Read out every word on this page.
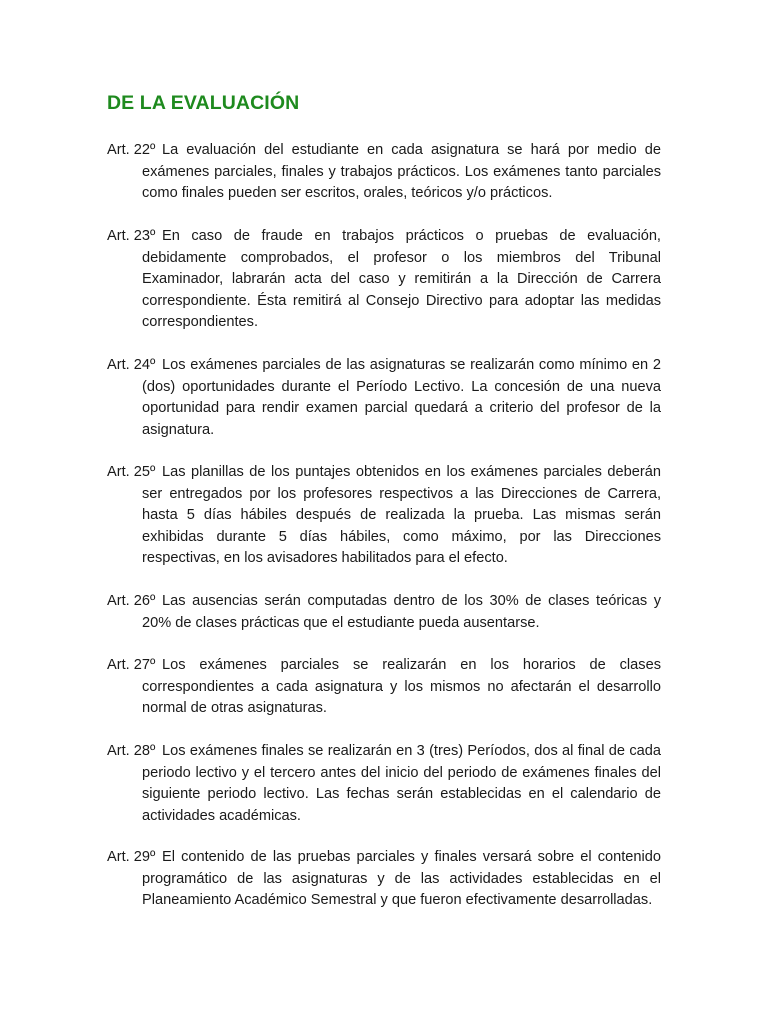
DE LA EVALUACIÓN

Art. 22º La evaluación del estudiante en cada asignatura se hará por medio de exámenes parciales, finales y trabajos prácticos. Los exámenes tanto parciales como finales pueden ser escritos, orales, teóricos y/o prácticos.

Art. 23º En caso de fraude en trabajos prácticos o pruebas de evaluación, debidamente comprobados, el profesor o los miembros del Tribunal Examinador, labrarán acta del caso y remitirán a la Dirección de Carrera correspondiente. Ésta remitirá al Consejo Directivo para adoptar las medidas correspondientes.

Art. 24º Los exámenes parciales de las asignaturas se realizarán como mínimo en 2 (dos) oportunidades durante el Período Lectivo. La concesión de una nueva oportunidad para rendir examen parcial quedará a criterio del profesor de la asignatura.

Art. 25º Las planillas de los puntajes obtenidos en los exámenes parciales deberán ser entregados por los profesores respectivos a las Direcciones de Carrera, hasta 5 días hábiles después de realizada la prueba. Las mismas serán exhibidas durante 5 días hábiles, como máximo, por las Direcciones respectivas, en los avisadores habilitados para el efecto.

Art. 26º Las ausencias serán computadas dentro de los 30% de clases teóricas y 20% de clases prácticas que el estudiante pueda ausentarse.

Art. 27º Los exámenes parciales se realizarán en los horarios de clases correspondientes a cada asignatura y los mismos no afectarán el desarrollo normal de otras asignaturas.

Art. 28º Los exámenes finales se realizarán en 3 (tres) Períodos, dos al final de cada periodo lectivo y el tercero antes del inicio del periodo de exámenes finales del siguiente periodo lectivo. Las fechas serán establecidas en el calendario de actividades académicas.

Art. 29º El contenido de las pruebas parciales y finales versará sobre el contenido programático de las asignaturas y de las actividades establecidas en el Planeamiento Académico Semestral y que fueron efectivamente desarrolladas.
